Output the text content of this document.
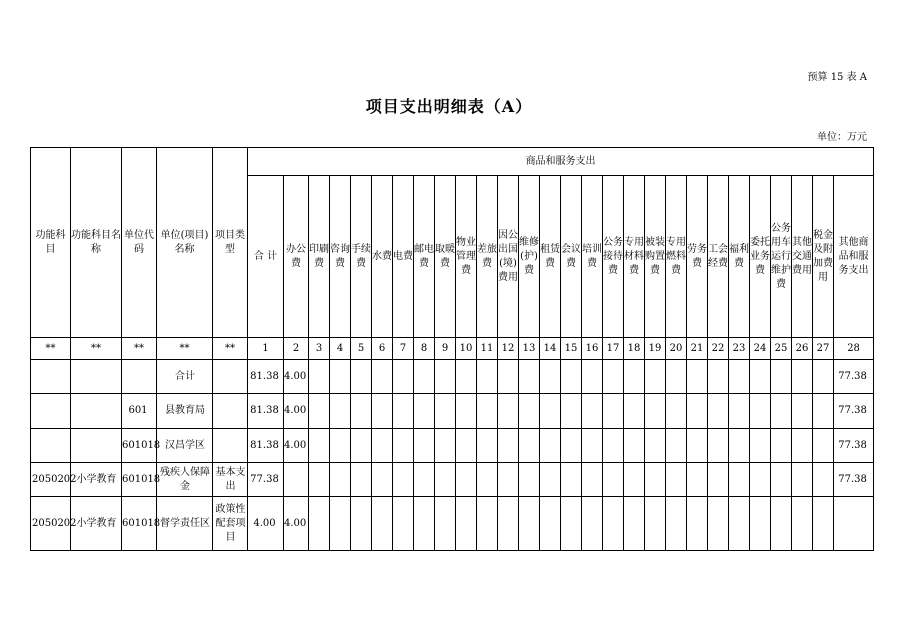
预算 15 表 A
项目支出明细表（A）
单位：万元
功能科目	功能科目名称	单位代码	单位(项目)名称	项目类型	商品和服务支出																											
					合 计	办公费	印刷费	咨询费	手续费	水费	电费	邮电费	取暖费	物业管理费	差旅费	因公出国(境)费用	维修(护)费	租赁费	会议费	培训费	公务接待费	专用材料费	被装购置费	专用燃料费	劳务费	工会经费	福利费	委托业务费	公务用车运行维护费	其他交通费用	税金及附加费用	其他商品和服务支出
**	**	**	**	**	1	2	3	4	5	6	7	8	9	10	11	12	13	14	15	16	17	18	19	20	21	22	23	24	25	26	27	28
			合计		81.38	4.00																										77.38
		601	县教育局		81.38	4.00																										77.38
		601018	汉昌学区		81.38	4.00																										77.38
2050202	小学教育	601018	残疾人保障金	基本支出	77.38																											77.38
2050202	小学教育	601018	督学责任区	政策性配套项目	4.00	4.00																										
